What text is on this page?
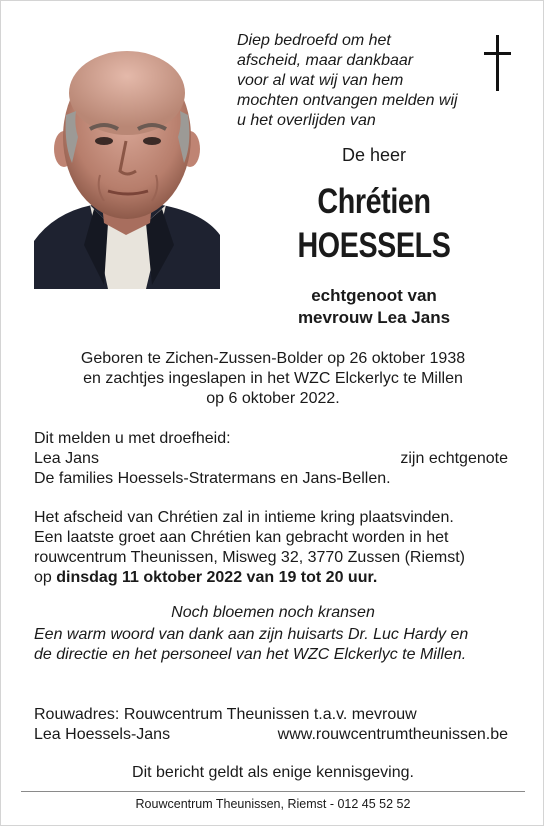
Diep bedroefd om het
afscheid, maar dankbaar
voor al wat wij van hem
mochten ontvangen melden wij
u het overlijden van
De heer
Chrétien
HOESSELS
echtgenoot van
mevrouw Lea Jans
Geboren te Zichen-Zussen-Bolder op 26 oktober 1938
en zachtjes ingeslapen in het WZC Elckerlyc te Millen
op 6 oktober 2022.
Dit melden u met droefheid:
Lea Jans	zijn echtgenote
De families Hoessels-Stratermans en Jans-Bellen.
Het afscheid van Chrétien zal in intieme kring plaatsvinden.
Een laatste groet aan Chrétien kan gebracht worden in het
rouwcentrum Theunissen, Misweg 32, 3770 Zussen (Riemst)
op dinsdag 11 oktober 2022 van 19 tot 20 uur.
Noch bloemen noch kransen
Een warm woord van dank aan zijn huisarts Dr. Luc Hardy en
de directie en het personeel van het WZC Elckerlyc te Millen.
Rouwadres: Rouwcentrum Theunissen t.a.v. mevrouw
Lea Hoessels-Jans	www.rouwcentrumtheunissen.be
Dit bericht geldt als enige kennisgeving.
Rouwcentrum Theunissen, Riemst - 012 45 52 52
